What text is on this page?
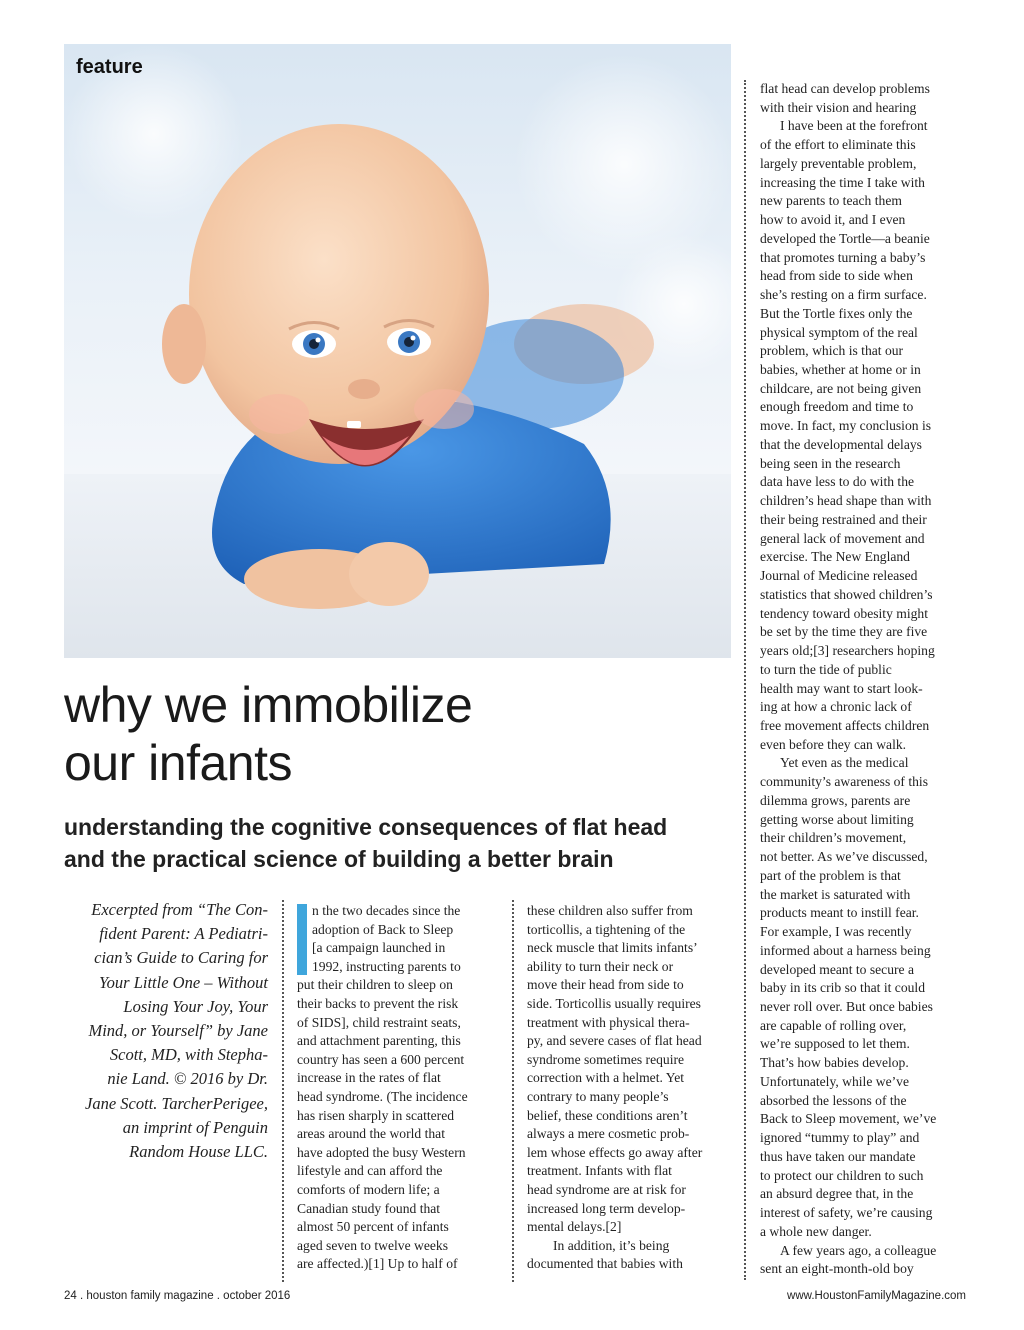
feature

why we immobilize
our infants
understanding the cognitive consequences of flat head
and the practical science of building a better brain

Excerpted from “The Con-
fident Parent: A Pediatri-
cian’s Guide to Caring for
Your Little One – Without
Losing Your Joy, Your
Mind, or Yourself” by Jane
Scott, MD, with Stepha-
nie Land. © 2016 by Dr.
Jane Scott. TarcherPerigee,
an imprint of Penguin
Random House LLC.

n the two decades since the
adoption of Back to Sleep
[a campaign launched in
1992, instructing parents to
put their children to sleep on
their backs to prevent the risk
of SIDS], child restraint seats,
and attachment parenting, this
country has seen a 600 percent
increase in the rates of flat
head syndrome. (The incidence
has risen sharply in scattered
areas around the world that
have adopted the busy Western
lifestyle and can afford the
comforts of modern life; a
Canadian study found that
almost 50 percent of infants
aged seven to twelve weeks
are affected.)[1] Up to half of
these children also suffer from
torticollis, a tightening of the
neck muscle that limits infants’
ability to turn their neck or
move their head from side to
side. Torticollis usually requires
treatment with physical thera-
py, and severe cases of flat head
syndrome sometimes require
correction with a helmet. Yet
contrary to many people’s
belief, these conditions aren’t
always a mere cosmetic prob-
lem whose effects go away after
treatment. Infants with flat
head syndrome are at risk for
increased long term develop-
mental delays.[2]
In addition, it’s being
documented that babies with
flat head can develop problems
with their vision and hearing
I have been at the forefront
of the effort to eliminate this
largely preventable problem,
increasing the time I take with
new parents to teach them
how to avoid it, and I even
developed the Tortle—a beanie
that promotes turning a baby’s
head from side to side when
she’s resting on a firm surface.
But the Tortle fixes only the
physical symptom of the real
problem, which is that our
babies, whether at home or in
childcare, are not being given
enough freedom and time to
move. In fact, my conclusion is
that the developmental delays
being seen in the research
data have less to do with the
children’s head shape than with
their being restrained and their
general lack of movement and
exercise. The New England
Journal of Medicine released
statistics that showed children’s
tendency toward obesity might
be set by the time they are five
years old;[3] researchers hoping
to turn the tide of public
health may want to start look-
ing at how a chronic lack of
free movement affects children
even before they can walk.
Yet even as the medical
community’s awareness of this
dilemma grows, parents are
getting worse about limiting
their children’s movement,
not better. As we’ve discussed,
part of the problem is that
the market is saturated with
products meant to instill fear.
For example, I was recently
informed about a harness being
developed meant to secure a
baby in its crib so that it could
never roll over. But once babies
are capable of rolling over,
we’re supposed to let them.
That’s how babies develop.
Unfortunately, while we’ve
absorbed the lessons of the
Back to Sleep movement, we’ve
ignored “tummy to play” and
thus have taken our mandate
to protect our children to such
an absurd degree that, in the
interest of safety, we’re causing
a whole new danger.
A few years ago, a colleague
sent an eight-month-old boy

24 . houston family magazine . october 2016	www.HoustonFamilyMagazine.com
